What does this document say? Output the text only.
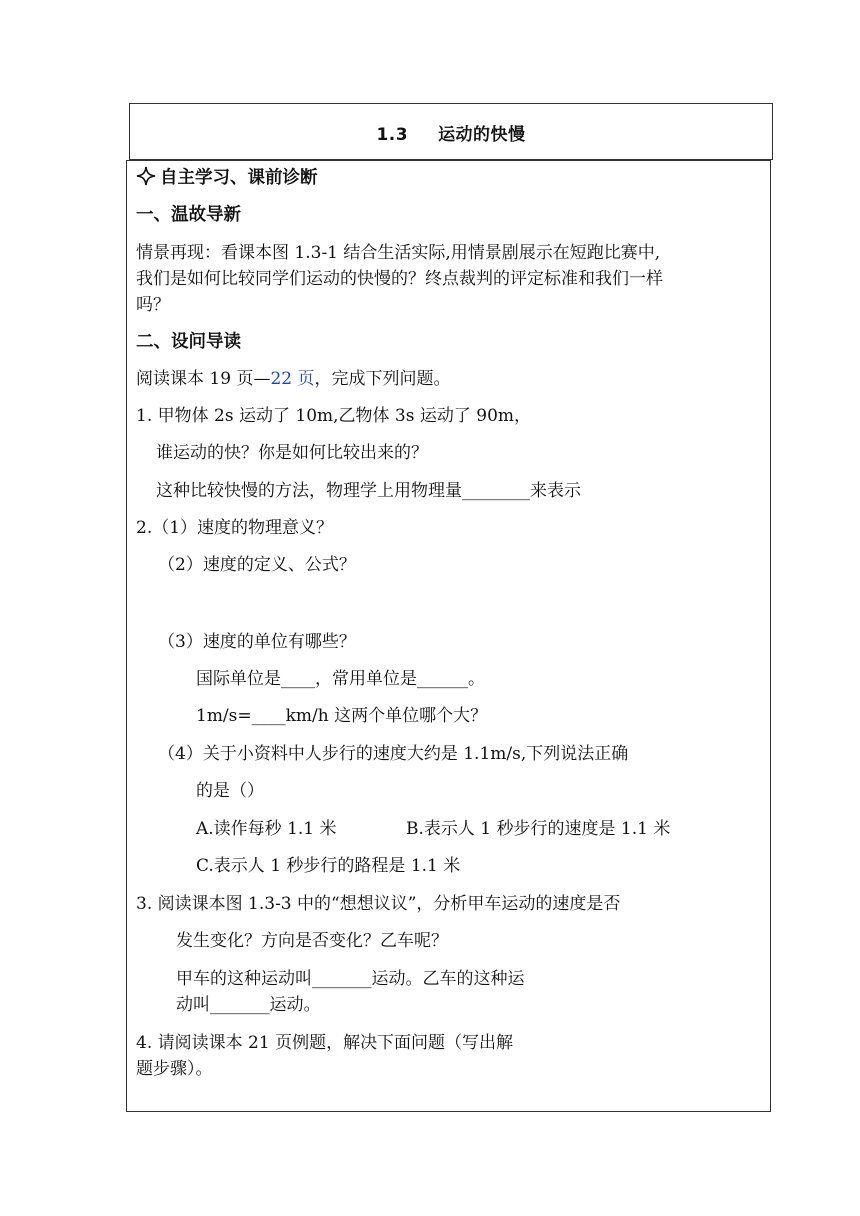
1.3 运动的快慢
自主学习、课前诊断
一、温故导新
情景再现：看课本图 1.3-1 结合生活实际,用情景剧展示在短跑比赛中,
我们是如何比较同学们运动的快慢的？终点裁判的评定标准和我们一样
吗？
二、设问导读
阅读课本 19 页—22 页，完成下列问题。
1. 甲物体 2s 运动了 10m,乙物体 3s 运动了 90m，
谁运动的快？你是如何比较出来的？
这种比较快慢的方法，物理学上用物理量________来表示
2.（1）速度的物理意义？
（2）速度的定义、公式？
（3）速度的单位有哪些？
国际单位是____，常用单位是______。
1m/s=____km/h 这两个单位哪个大？
（4）关于小资料中人步行的速度大约是 1.1m/s,下列说法正确
的是（）
A.读作每秒 1.1 米	B.表示人 1 秒步行的速度是 1.1 米
C.表示人 1 秒步行的路程是 1.1 米
3. 阅读课本图 1.3-3 中的“想想议议”，分析甲车运动的速度是否
发生变化？方向是否变化？乙车呢？
甲车的这种运动叫_______运动。乙车的这种运
动叫_______运动。
4. 请阅读课本 21 页例题，解决下面问题（写出解
题步骤）。
